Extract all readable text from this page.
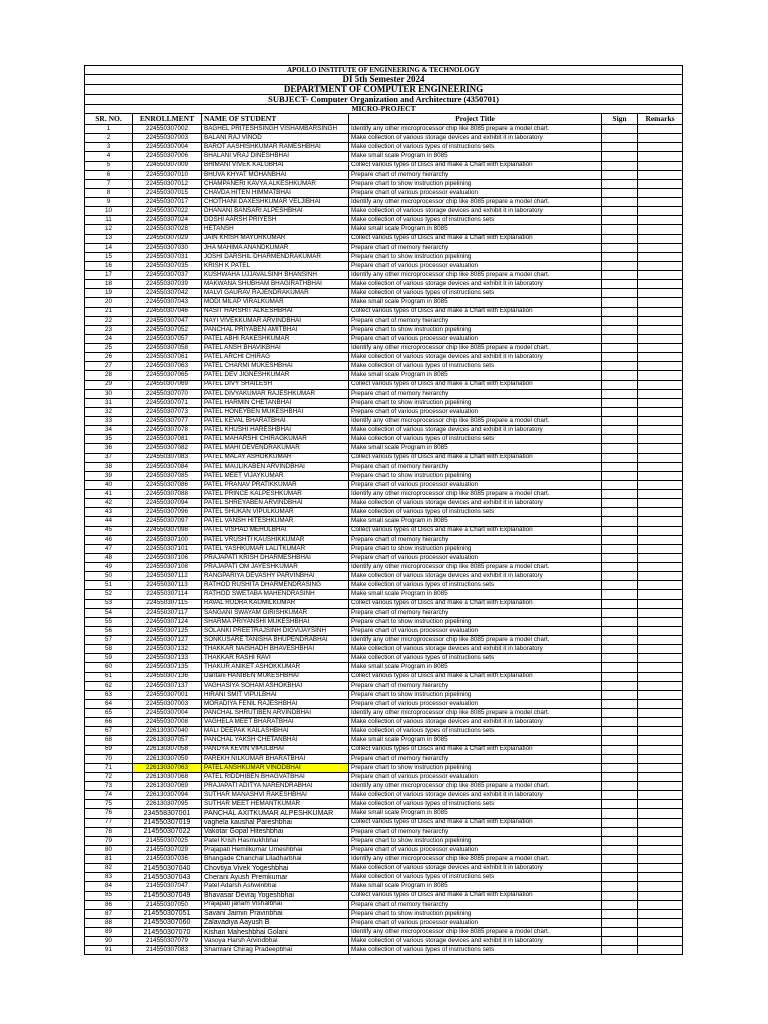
APOLLO INSTITUTE OF ENGINEERING & TECHNOLOGY					
DI 5th Semester 2024					
DEPARTMENT OF COMPUTER ENGINEERING					
SUBJECT- Computer Organization and Architecture (4350701)					
MICRO-PROJECT					
SR. NO.	ENROLLMENT	NAME OF STUDENT	Project Title	Sign	Remarks
1	224550307002	BAGHEL PRITESHSINGH VISHAMBARSINGH	Identify any other microprocessor chip like 8085 prepare a model chart.		
2	224550307003	BALANI RAJ VINOD	Make collection of various storage devices and exhibit it in laboratory		
3	224550307004	BAROT AASHISHKUMAR RAMESHBHAI	Make collection of various types of instructions sets		
4	224550307006	BHALANI VRAJ DINESHBHAI	Make small scale Program in 8085		
5	224550307009	BHIMANI VIVEK KALUBHAI	Collect various types of Discs and make a Chart with Explanation		
6	224550307010	BHUVA KHYAT MOHANBHAI	Prepare chart of memory hierarchy		
7	224550307012	CHAMPANERI KAVYA ALKESHKUMAR	Prepare chart to show instruction pipelining		
8	224550307015	CHAVDA HITEN HIMMATBHAI	Prepare chart of various processor evaluation		
9	224550307017	CHOTHANI DAXESHKUMAR VELJIBHAI	Identify any other microprocessor chip like 8085 prepare a model chart.		
10	224550307022	DHANANI BANSARI ALPESHBHAI	Make collection of various storage devices and exhibit it in laboratory		
11	224550307024	DOSHI AARSH PRIYESH	Make collection of various types of instructions sets		
12	224550307028	HETANSH	Make small scale Program in 8085		
13	224550307029	JAIN KRISH MAYURKUMAR	Collect various types of Discs and make a Chart with Explanation		
14	224550307030	JHA MAHIMA ANANDKUMAR	Prepare chart of memory hierarchy		
15	224550307031	JOSHI DARSHIL DHARMENDRAKUMAR	Prepare chart to show instruction pipelining		
16	224550307035	KRISH K PATEL	Prepare chart of various processor evaluation		
17	224550307037	KUSHWAHA UJJAVALSINH BHANSINH	Identify any other microprocessor chip like 8085 prepare a model chart.		
18	224550307039	MAKWANA SHUBHAM BHAGIRATHBHAI	Make collection of various storage devices and exhibit it in laboratory		
19	224550307042	MALVI GAURAV RAJENDRAKUMAR	Make collection of various types of instructions sets		
20	224550307043	MODI MILAP VIRALKUMAR	Make small scale Program in 8085		
21	224550307046	NASIT HARSHIT ALKESHBHAI	Collect various types of Discs and make a Chart with Explanation		
22	224550307047	NAYI VIVEKKUMAR ARVINDBHAI	Prepare chart of memory hierarchy		
23	224550307052	PANCHAL PRIYABEN AMITBHAI	Prepare chart to show instruction pipelining		
24	224550307057	PATEL ABHI RAKESHKUMAR	Prepare chart of various processor evaluation		
25	224550307058	PATEL ANSH BHAVIKBHAI	Identify any other microprocessor chip like 8085 prepare a model chart.		
26	224550307061	PATEL ARCHI CHIRAG	Make collection of various storage devices and exhibit it in laboratory		
27	224550307063	PATEL CHARMI MUKESHBHAI	Make collection of various types of instructions sets		
28	224550307065	PATEL DEV JIGNESHKUMAR	Make small scale Program in 8085		
29	224550307069	PATEL DIVY SHAILESH	Collect various types of Discs and make a Chart with Explanation		
30	224550307070	PATEL DIVYAKUMAR RAJESHKUMAR	Prepare chart of memory hierarchy		
31	224550307071	PATEL HARMIN CHETANBHAI	Prepare chart to show instruction pipelining		
32	224550307073	PATEL HONEYBEN MUKESHBHAI	Prepare chart of various processor evaluation		
33	224550307077	PATEL KEVAL BHARATBHAI	Identify any other microprocessor chip like 8085 prepare a model chart.		
34	224550307078	PATEL KHUSHI HARESHBHAI	Make collection of various storage devices and exhibit it in laboratory		
35	224550307081	PATEL MAHARSHI CHIRAGKUMAR	Make collection of various types of instructions sets		
36	224550307082	PATEL MAHI DEVENDRAKUMAR	Make small scale Program in 8085		
37	224550307083	PATEL MALAY ASHOKKUMAR	Collect various types of Discs and make a Chart with Explanation		
38	224550307084	PATEL MAULIKABEN ARVINDBHAI	Prepare chart of memory hierarchy		
39	224550307085	PATEL MEET VIJAYKUMAR	Prepare chart to show instruction pipelining		
40	224550307086	PATEL PRANAV PRATIKKUMAR	Prepare chart of various processor evaluation		
41	224550307088	PATEL PRINCE KALPESHKUMAR	Identify any other microprocessor chip like 8085 prepare a model chart.		
42	224550307094	PATEL SHREYABEN ARVINDBHAI	Make collection of various storage devices and exhibit it in laboratory		
43	224550307096	PATEL SHUKAN VIPULKUMAR	Make collection of various types of instructions sets		
44	224550307097	PATEL VANSH HITESHKUMAR	Make small scale Program in 8085		
45	224550307098	PATEL VISHAD MEHULBHAI	Collect various types of Discs and make a Chart with Explanation		
46	224550307100	PATEL VRUSHTI KAUSHIKKUMAR	Prepare chart of memory hierarchy		
47	224550307101	PATEL YASHKUMAR LALITKUMAR	Prepare chart to show instruction pipelining		
48	224550307106	PRAJAPATI KRISH DHARMESHBHAI	Prepare chart of various processor evaluation		
49	224550307108	PRAJAPATI OM JAYESHKUMAR	Identify any other microprocessor chip like 8085 prepare a model chart.		
50	224550307112	RANGPARIYA DEVASHY PARVINBHAI	Make collection of various storage devices and exhibit it in laboratory		
51	224550307113	RATHOD RUSHITA DHARMENDRASING	Make collection of various types of instructions sets		
52	224550307114	RATHOD SWETABA MAHENDRASINH	Make small scale Program in 8085		
53	224550307115	RAVAL RUDRA KAUMILKUMAR	Collect various types of Discs and make a Chart with Explanation		
54	224550307117	SANGANI SWAYAM GIRISHKUMAR	Prepare chart of memory hierarchy		
55	224550307124	SHARMA PRIYANSHI MUKESHBHAI	Prepare chart to show instruction pipelining		
56	224550307125	SOLANKI PREETRAJSINH DIGVIJAYSINH	Prepare chart of various processor evaluation		
57	224550307127	SONKUSARE TANISHA BHUPENDRABHAI	Identify any other microprocessor chip like 8085 prepare a model chart.		
58	224550307132	THAKKAR NAISHADH BHAVESHBHAI	Make collection of various storage devices and exhibit it in laboratory		
59	224550307133	THAKKAR RASHI RAVI	Make collection of various types of instructions sets		
60	224550307135	THAKUR ANIKET ASHOKKUMAR	Make small scale Program in 8085		
61	224550307136	Dantani HANIBEN MUKESHBHAI	Collect various types of Discs and make a Chart with Explanation		
62	224550307137	VAGHASIYA SOHAM ASHOKBHAI	Prepare chart of memory hierarchy		
63	224550307001	HIRANI SMIT VIPULBHAI	Prepare chart to show instruction pipelining		
64	224550307003	MORADIYA FENIL RAJESHBHAI	Prepare chart of various processor evaluation		
65	224550307004	PANCHAL SHRUTIBEN ARVINDBHAI	Identify any other microprocessor chip like 8085 prepare a model chart.		
66	224550307008	VAGHELA MEET BHARATBHAI	Make collection of various storage devices and exhibit it in laboratory		
67	226130307040	MALI DEEPAK KAILASHBHAI	Make collection of various types of instructions sets		
68	226130307057	PANCHAL YAKSH CHETANBHAI	Make small scale Program in 8085		
69	226130307058	PANDYA KEVIN VIPULBHAI	Collect various types of Discs and make a Chart with Explanation		
70	226130307059	PAREKH NILKUMAR BHARATBHAI	Prepare chart of memory hierarchy		
71	226130307063	PATEL ANSHKUMAR VINODBHAI	Prepare chart to show instruction pipelining		
72	226130307068	PATEL RIDDHIBEN BHAGVATBHAI	Prepare chart of various processor evaluation		
73	226130307069	PRAJAPATI ADITYA NARENDRABHAI	Identify any other microprocessor chip like 8085 prepare a model chart.		
74	226130307094	SUTHAR MANASHVI RAKESHBHAI	Make collection of various storage devices and exhibit it in laboratory		
75	226130307095	SUTHAR MEET HEMANTKUMAR	Make collection of various types of instructions sets		
76	234558307001	PANCHAL AXITKUMAR ALPESHKUMAR	Make small scale Program in 8085		
77	214550307019	vaghela kaushal Pareshbhai	Collect various types of Discs and make a Chart with Explanation		
78	214550307022	Vakotar Gopal Hiteshbhai	Prepare chart of memory hierarchy		
79	214550307025	Patel Krish Hasmukhbhai	Prepare chart to show instruction pipelining		
80	214550307029	Prajapati Hemilkumar Umeshbhai	Prepare chart of various processor evaluation		
81	214550307036	Bhangade Chanchal Liladharbhai	Identify any other microprocessor chip like 8085 prepare a model chart.		
82	214550307040	Chovtiya Vivek Yogeshbhai	Make collection of various storage devices and exhibit it in laboratory		
83	214550307043	Cherani Ayush Premkumar	Make collection of various types of instructions sets		
84	214550307047	Patel Adarsh Ashwinbhai	Make small scale Program in 8085		
85	214550307049	Bhavasar Devraj Yogeshbhai	Collect various types of Discs and make a Chart with Explanation		
86	214550307050	Prajapati janam Vishalbhai	Prepare chart of memory hierarchy		
87	214550307051	Savani Jaimin Pravinbhai	Prepare chart to show instruction pipelining		
88	214550307060	Zalavadiya Aayush B	Prepare chart of various processor evaluation		
89	214550307070	Kishan Maheshbhai Golani	Identify any other microprocessor chip like 8085 prepare a model chart.		
90	214550307079	Vasoya Harsh Arvindbhai	Make collection of various storage devices and exhibit it in laboratory		
91	214550307083	Shamlani Chirag Pradeepbhai	Make collection of various types of instructions sets		
